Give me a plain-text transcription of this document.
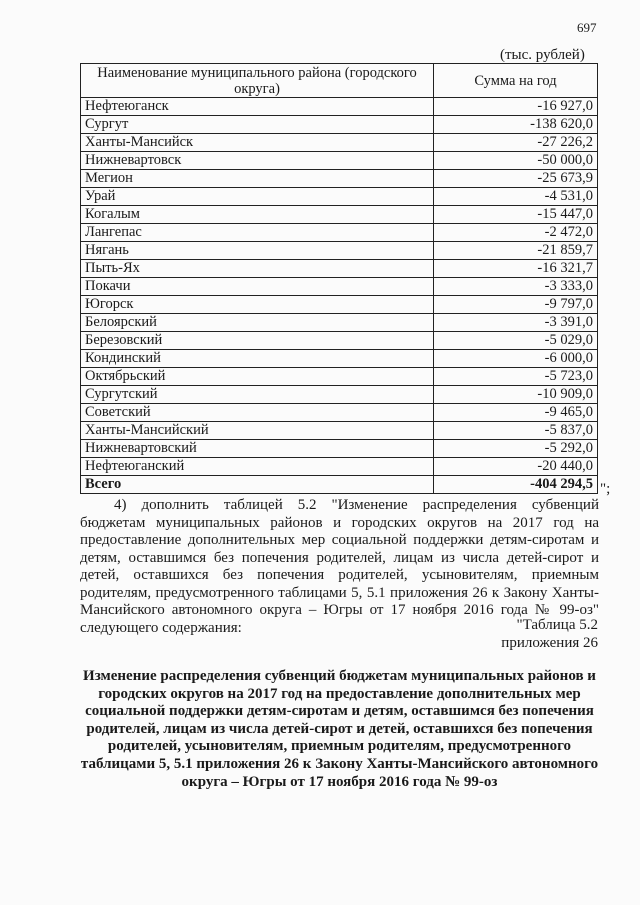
697
(тыс. рублей)
Наименование муниципального района (городского округа)	Сумма на год
Нефтеюганск	-16 927,0
Сургут	-138 620,0
Ханты-Мансийск	-27 226,2
Нижневартовск	-50 000,0
Мегион	-25 673,9
Урай	-4 531,0
Когалым	-15 447,0
Лангепас	-2 472,0
Нягань	-21 859,7
Пыть-Ях	-16 321,7
Покачи	-3 333,0
Югорск	-9 797,0
Белоярский	-3 391,0
Березовский	-5 029,0
Кондинский	-6 000,0
Октябрьский	-5 723,0
Сургутский	-10 909,0
Советский	-9 465,0
Ханты-Мансийский	-5 837,0
Нижневартовский	-5 292,0
Нефтеюганский	-20 440,0
Всего	-404 294,5 ";

4) дополнить таблицей 5.2 "Изменение распределения субвенций бюджетам муниципальных районов и городских округов на 2017 год на предоставление дополнительных мер социальной поддержки детям-сиротам и детям, оставшимся без попечения родителей, лицам из числа детей-сирот и детей, оставшихся без попечения родителей, усыновителям, приемным родителям, предусмотренного таблицами 5, 5.1 приложения 26 к Закону Ханты-Мансийского автономного округа – Югры от 17 ноября 2016 года № 99-оз" следующего содержания:	"Таблица 5.2
приложения 26

Изменение распределения субвенций бюджетам муниципальных районов и городских округов на 2017 год на предоставление дополнительных мер социальной поддержки детям-сиротам и детям, оставшимся без попечения родителей, лицам из числа детей-сирот и детей, оставшихся без попечения родителей, усыновителям, приемным родителям, предусмотренного таблицами 5, 5.1 приложения 26 к Закону Ханты-Мансийского автономного округа – Югры от 17 ноября 2016 года № 99-оз
